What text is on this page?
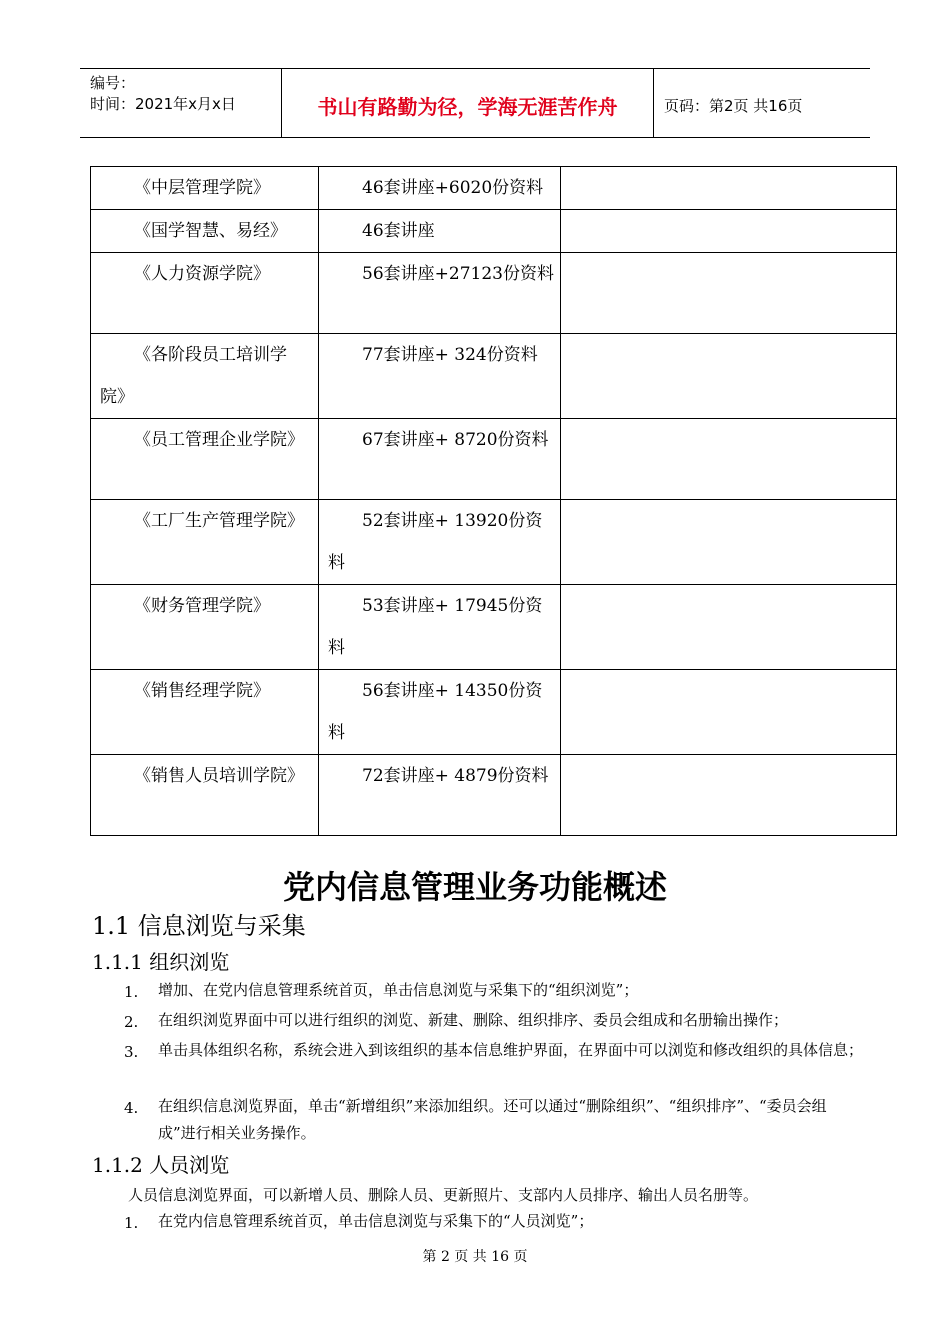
编号：
时间：2021年x月x日	书山有路勤为径，学海无涯苦作舟	页码：第2页 共16页
《中层管理学院》	46套讲座+6020份资料	

《国学智慧、易经》	46套讲座	

《人力资源学院》	56套讲座+27123份资料	

《各阶段员工培训学院》	77套讲座+ 324份资料	

《员工管理企业学院》	67套讲座+ 8720份资料	

《工厂生产管理学院》	52套讲座+ 13920份资料	

《财务管理学院》	53套讲座+ 17945份资料	

《销售经理学院》	56套讲座+ 14350份资料	

《销售人员培训学院》	72套讲座+ 4879份资料	

党内信息管理业务功能概述
1.1 信息浏览与采集
1.1.1 组织浏览
1. 增加、在党内信息管理系统首页，单击信息浏览与采集下的“组织浏览”；
2. 在组织浏览界面中可以进行组织的浏览、新建、删除、组织排序、委员会组成和名册输出操作；
3. 单击具体组织名称，系统会进入到该组织的基本信息维护界面，在界面中可以浏览和修改组织的具体信息；
4. 在组织信息浏览界面，单击“新增组织”来添加组织。还可以通过“删除组织”、“组织排序”、“委员会组成”进行相关业务操作。
1.1.2 人员浏览
人员信息浏览界面，可以新增人员、删除人员、更新照片、支部内人员排序、输出人员名册等。
1. 在党内信息管理系统首页，单击信息浏览与采集下的“人员浏览”；
第 2 页 共 16 页
